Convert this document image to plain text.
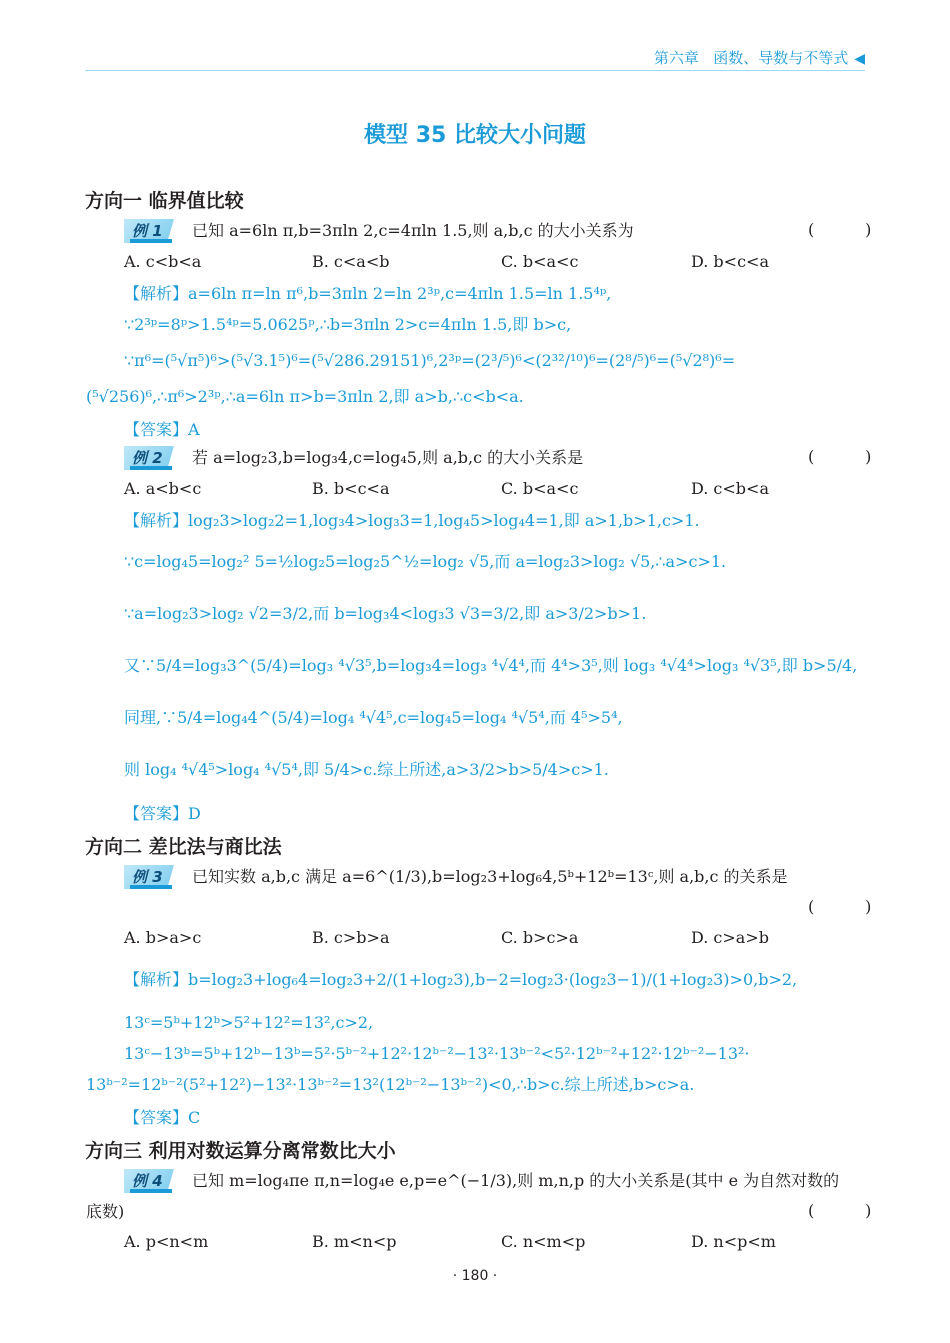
第六章 函数、导数与不等式 ◀
模型 35 比较大小问题
方向一 临界值比较
例 1 已知 a=6ln π,b=3πln 2,c=4πln 1.5,则 a,b,c 的大小关系为	(          )
A. c<b<a	B. c<a<b	C. b<a<c	D. b<c<a
【解析】a=6ln π=ln π⁶,b=3πln 2=ln 2³ᵖ,c=4πln 1.5=ln 1.5⁴ᵖ,
∵2³ᵖ=8ᵖ>1.5⁴ᵖ=5.0625ᵖ,∴b=3πln 2>c=4πln 1.5,即 b>c,
∵π⁶=(⁵√π⁵)⁶>(⁵√3.1⁵)⁶=(⁵√286.29151)⁶,2³ᵖ=(2³/⁵)⁶<(2³²/¹⁰)⁶=(2⁸/⁵)⁶=(⁵√2⁸)⁶=
(⁵√256)⁶,∴π⁶>2³ᵖ,∴a=6ln π>b=3πln 2,即 a>b,∴c<b<a.
【答案】A
例 2 若 a=log₂3,b=log₃4,c=log₄5,则 a,b,c 的大小关系是	(          )
A. a<b<c	B. b<c<a	C. b<a<c	D. c<b<a
【解析】log₂3>log₂2=1,log₃4>log₃3=1,log₄5>log₄4=1,即 a>1,b>1,c>1.
∵c=log₄5=log₂² 5=½log₂5=log₂5^½=log₂ √5,而 a=log₂3>log₂ √5,∴a>c>1.
∵a=log₂3>log₂ √2=3/2,而 b=log₃4<log₃3 √3=3/2,即 a>3/2>b>1.
又∵5/4=log₃3^(5/4)=log₃ ⁴√3⁵,b=log₃4=log₃ ⁴√4⁴,而 4⁴>3⁵,则 log₃ ⁴√4⁴>log₃ ⁴√3⁵,即 b>5/4,
同理,∵5/4=log₄4^(5/4)=log₄ ⁴√4⁵,c=log₄5=log₄ ⁴√5⁴,而 4⁵>5⁴,
则 log₄ ⁴√4⁵>log₄ ⁴√5⁴,即 5/4>c.综上所述,a>3/2>b>5/4>c>1.
【答案】D
方向二 差比法与商比法
例 3 已知实数 a,b,c 满足 a=6^(1/3),b=log₂3+log₆4,5ᵇ+12ᵇ=13ᶜ,则 a,b,c 的关系是
(          )
A. b>a>c	B. c>b>a	C. b>c>a	D. c>a>b
【解析】b=log₂3+log₆4=log₂3+2/(1+log₂3),b−2=log₂3·(log₂3−1)/(1+log₂3)>0,b>2,
13ᶜ=5ᵇ+12ᵇ>5²+12²=13²,c>2,
13ᶜ−13ᵇ=5ᵇ+12ᵇ−13ᵇ=5²·5ᵇ⁻²+12²·12ᵇ⁻²−13²·13ᵇ⁻²<5²·12ᵇ⁻²+12²·12ᵇ⁻²−13²·
13ᵇ⁻²=12ᵇ⁻²(5²+12²)−13²·13ᵇ⁻²=13²(12ᵇ⁻²−13ᵇ⁻²)<0,∴b>c.综上所述,b>c>a.
【答案】C
方向三 利用对数运算分离常数比大小
例 4 已知 m=log₄πe π,n=log₄e e,p=e^(−1/3),则 m,n,p 的大小关系是(其中 e 为自然对数的
底数)	(          )
A. p<n<m	B. m<n<p	C. n<m<p	D. n<p<m
· 180 ·
